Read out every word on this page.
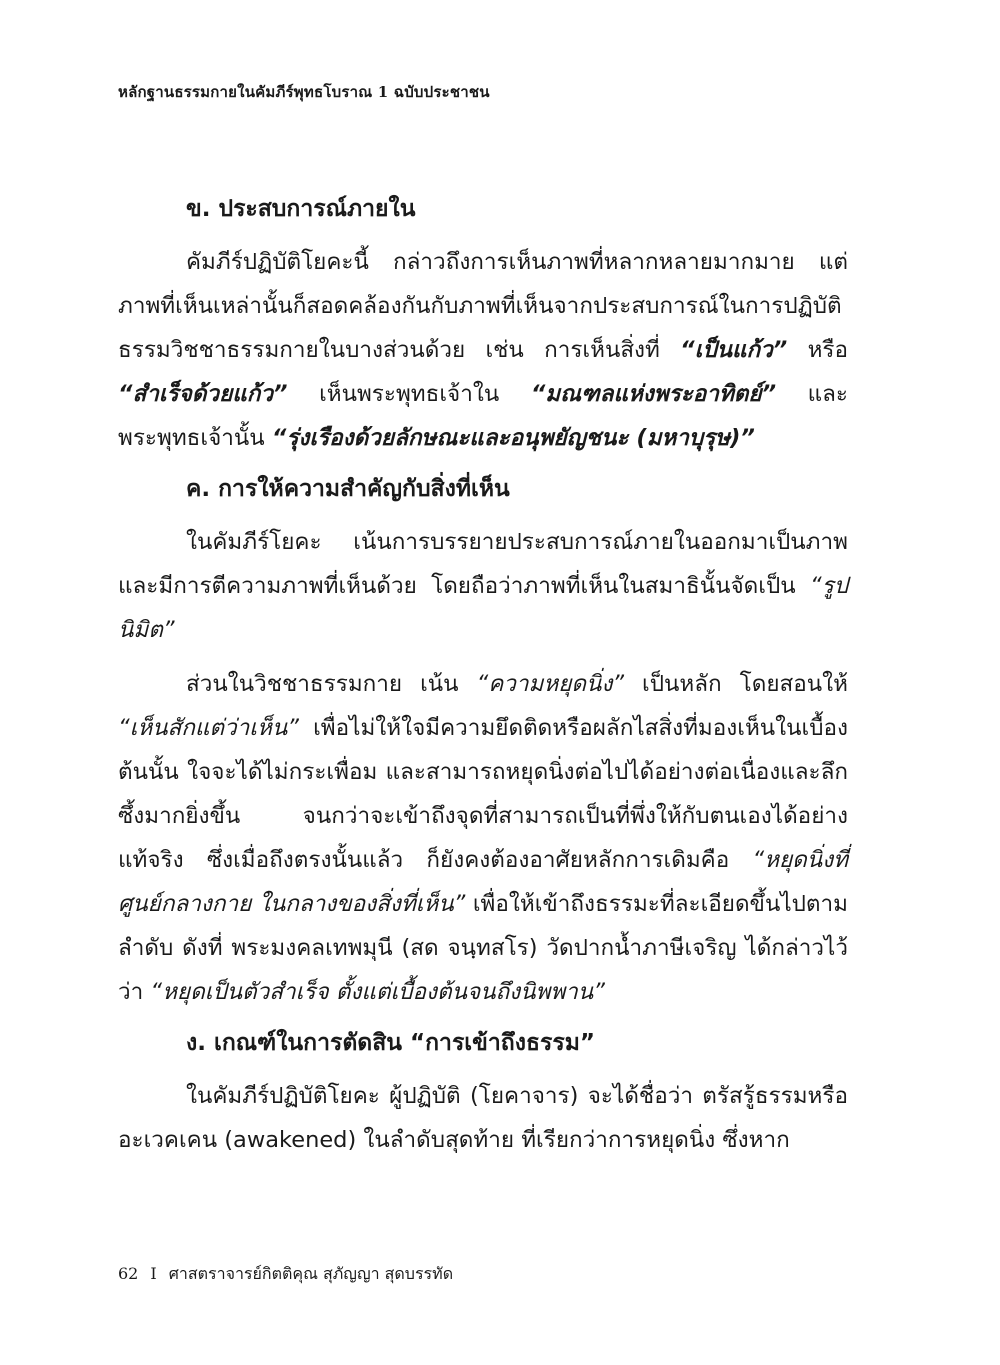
หลักฐานธรรมกายในคัมภีร์พุทธโบราณ 1 ฉบับประชาชน
ข. ประสบการณ์ภายใน

คัมภีร์ปฏิบัติโยคะนี้ กล่าวถึงการเห็นภาพที่หลากหลายมากมาย แต่ภาพที่เห็นเหล่านั้นก็สอดคล้องกันกับภาพที่เห็นจากประสบการณ์ในการปฏิบัติธรรมวิชชาธรรมกายในบางส่วนด้วย เช่น การเห็นสิ่งที่ “เป็นแก้ว” หรือ “สำเร็จด้วยแก้ว” เห็นพระพุทธเจ้าใน “มณฑลแห่งพระอาทิตย์” และ พระพุทธเจ้านั้น “รุ่งเรืองด้วยลักษณะและอนุพยัญชนะ (มหาบุรุษ)”

ค. การให้ความสำคัญกับสิ่งที่เห็น

ในคัมภีร์โยคะ เน้นการบรรยายประสบการณ์ภายในออกมาเป็นภาพ และมีการตีความภาพที่เห็นด้วย โดยถือว่าภาพที่เห็นในสมาธินั้นจัดเป็น “รูปนิมิต”

ส่วนในวิชชาธรรมกาย เน้น “ความหยุดนิ่ง” เป็นหลัก โดยสอนให้ “เห็นสักแต่ว่าเห็น” เพื่อไม่ให้ใจมีความยึดติดหรือผลักไสสิ่งที่มองเห็นในเบื้องต้นนั้น ใจจะได้ไม่กระเพื่อม และสามารถหยุดนิ่งต่อไปได้อย่างต่อเนื่องและลึกซึ้งมากยิ่งขึ้น จนกว่าจะเข้าถึงจุดที่สามารถเป็นที่พึ่งให้กับตนเองได้อย่างแท้จริง ซึ่งเมื่อถึงตรงนั้นแล้ว ก็ยังคงต้องอาศัยหลักการเดิมคือ “หยุดนิ่งที่ศูนย์กลางกาย ในกลางของสิ่งที่เห็น” เพื่อให้เข้าถึงธรรมะที่ละเอียดขึ้นไปตามลำดับ ดังที่ พระมงคลเทพมุนี (สด จนฺทสโร) วัดปากน้ำภาษีเจริญ ได้กล่าวไว้ว่า “หยุดเป็นตัวสำเร็จ ตั้งแต่เบื้องต้นจนถึงนิพพาน”

ง. เกณฑ์ในการตัดสิน “การเข้าถึงธรรม”

ในคัมภีร์ปฏิบัติโยคะ ผู้ปฏิบัติ (โยคาจาร) จะได้ชื่อว่า ตรัสรู้ธรรมหรืออะเวคเคน (awakened) ในลำดับสุดท้าย ที่เรียกว่าการหยุดนิ่ง ซึ่งหาก

62 I ศาสตราจารย์กิตติคุณ สุภัญญา สุดบรรทัด
